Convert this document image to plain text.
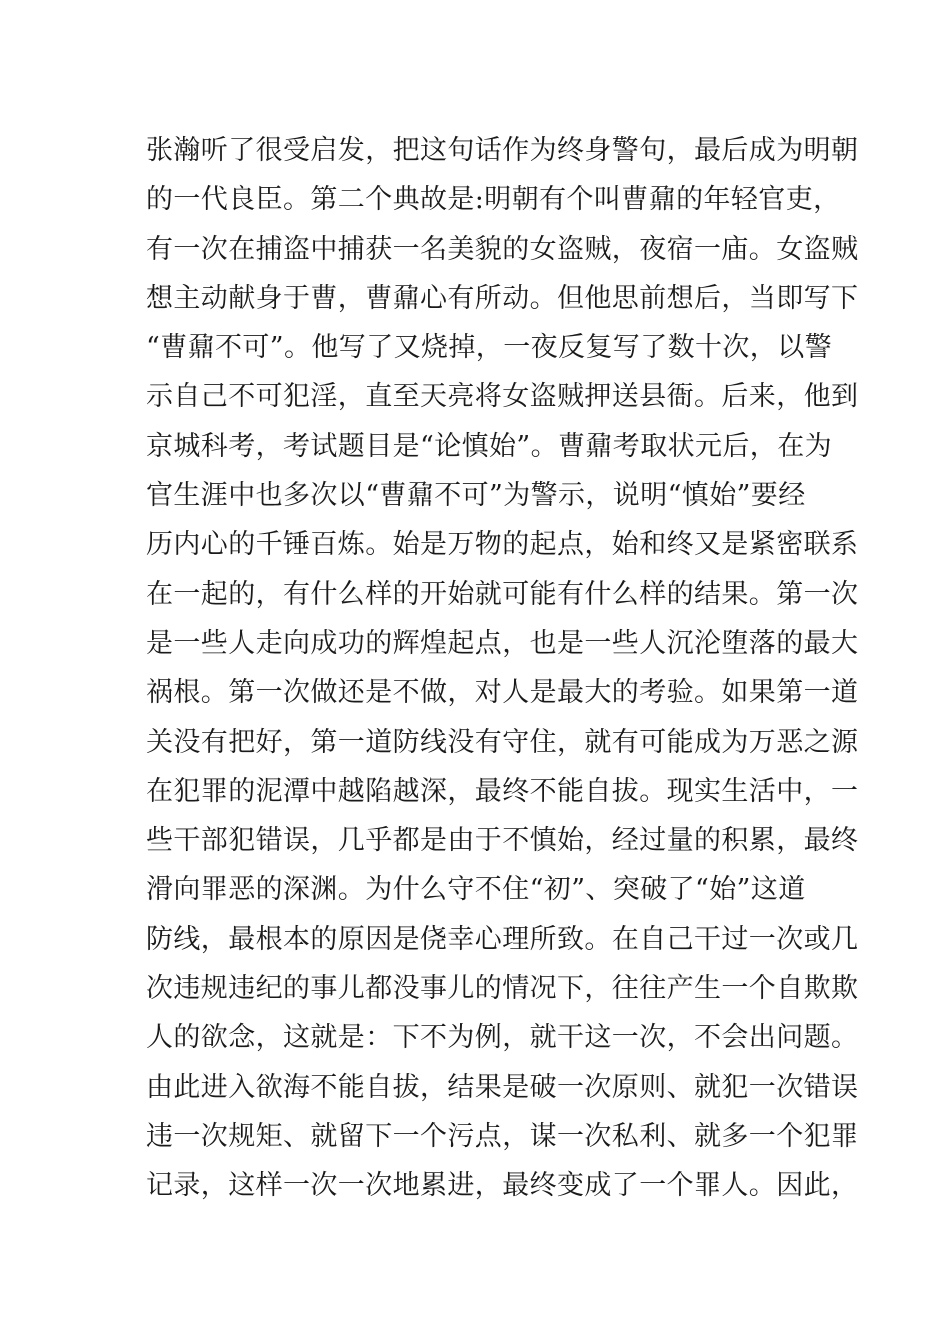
张瀚听了很受启发，把这句话作为终身警句，最后成为明朝
的一代良臣。第二个典故是:明朝有个叫曹鼐的年轻官吏，
有一次在捕盗中捕获一名美貌的女盗贼，夜宿一庙。女盗贼
想主动献身于曹，曹鼐心有所动。但他思前想后，当即写下
“曹鼐不可”。他写了又烧掉，一夜反复写了数十次，以警
示自己不可犯淫，直至天亮将女盗贼押送县衙。后来，他到
京城科考，考试题目是“论慎始”。曹鼐考取状元后，在为
官生涯中也多次以“曹鼐不可”为警示，说明“慎始”要经
历内心的千锤百炼。始是万物的起点，始和终又是紧密联系
在一起的，有什么样的开始就可能有什么样的结果。第一次
是一些人走向成功的辉煌起点，也是一些人沉沦堕落的最大
祸根。第一次做还是不做，对人是最大的考验。如果第一道
关没有把好，第一道防线没有守住，就有可能成为万恶之源
在犯罪的泥潭中越陷越深，最终不能自拔。现实生活中，一
些干部犯错误，几乎都是由于不慎始，经过量的积累，最终
滑向罪恶的深渊。为什么守不住“初”、突破了“始”这道
防线，最根本的原因是侥幸心理所致。在自己干过一次或几
次违规违纪的事儿都没事儿的情况下，往往产生一个自欺欺
人的欲念，这就是：下不为例，就干这一次，不会出问题。
由此进入欲海不能自拔，结果是破一次原则、就犯一次错误
违一次规矩、就留下一个污点，谋一次私利、就多一个犯罪
记录，这样一次一次地累进，最终变成了一个罪人。因此，
